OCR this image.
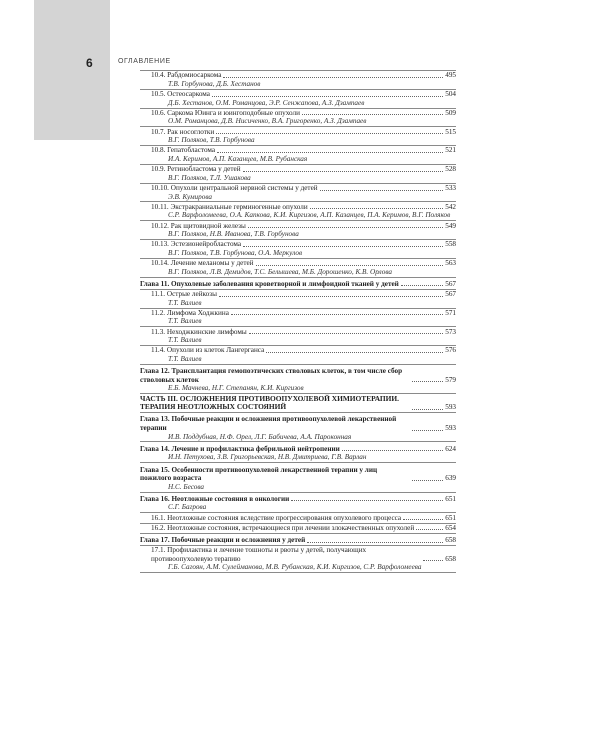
6	ОГЛАВЛЕНИЕ
10.4. Рабдомиосаркома	495
Т.В. Горбунова, Д.Б. Хестанов
10.5. Остеосаркома	504
Д.Б. Хестанов, О.М. Романцова, Э.Р. Сенжапова, А.З. Дзампаев
10.6. Саркома Юинга и юингоподобные опухоли	509
О.М. Романцова, Д.В. Нисиченко, В.А. Григоренко, А.З. Дзампаев
10.7. Рак носоглотки	515
В.Г. Поляков, Т.В. Горбунова
10.8. Гепатобластома	521
И.А. Керимов, А.П. Казанцев, М.В. Рубанская
10.9. Ретинобластома у детей	528
В.Г. Поляков, Т.Л. Ушакова
10.10. Опухоли центральной нервной системы у детей	533
Э.В. Кумирова
10.11. Экстракраниальные герминогенные опухоли	542
С.Р. Варфоломеева, О.А. Капкова, К.И. Киргизов, А.П. Казанцев, П.А. Керимов, В.Г. Поляков
10.12. Рак щитовидной железы	549
В.Г. Поляков, Н.В. Иванова, Т.В. Горбунова
10.13. Эстезионейробластома	558
В.Г. Поляков, Т.В. Горбунова, О.А. Меркулов
10.14. Лечение меланомы у детей	563
В.Г. Поляков, Л.В. Демидов, Т.С. Белышева, М.Б. Дорошенко, К.В. Орлова
Глава 11. Опухолевые заболевания кроветворной и лимфоидной тканей у детей	567
11.1. Острые лейкозы	567
Т.Т. Валиев
11.2. Лимфома Ходжкина	571
Т.Т. Валиев
11.3. Неходжкинские лимфомы	573
Т.Т. Валиев
11.4. Опухоли из клеток Лангерганса	576
Т.Т. Валиев
Глава 12. Трансплантация гемопоэтических стволовых клеток, в том числе сбор стволовых клеток	579
Е.Б. Мачнева, Н.Г. Степанян, К.И. Киргизов
ЧАСТЬ III. ОСЛОЖНЕНИЯ ПРОТИВООПУХОЛЕВОЙ ХИМИОТЕРАПИИ. ТЕРАПИЯ НЕОТЛОЖНЫХ СОСТОЯНИЙ	593
Глава 13. Побочные реакции и осложнения противоопухолевой лекарственной терапии	593
И.В. Поддубная, Н.Ф. Орел, Л.Г. Бабичева, А.А. Пароконная
Глава 14. Лечение и профилактика фебрильной нейтропении	624
И.Н. Петухова, З.В. Григорьевская, Н.В. Дмитриева, Г.В. Варлан
Глава 15. Особенности противоопухолевой лекарственной терапии у лиц пожилого возраста	639
Н.С. Бесова
Глава 16. Неотложные состояния в онкологии	651
С.Г. Багрова
16.1. Неотложные состояния вследствие прогрессирования опухолевого процесса	651
16.2. Неотложные состояния, встречающиеся при лечении злокачественных опухолей	654
Глава 17. Побочные реакции и осложнения у детей	658
17.1. Профилактика и лечение тошноты и рвоты у детей, получающих противоопухолевую терапию	658
Г.Б. Сагоян, А.М. Сулейманова, М.В. Рубанская, К.И. Киргизов, С.Р. Варфоломеева
